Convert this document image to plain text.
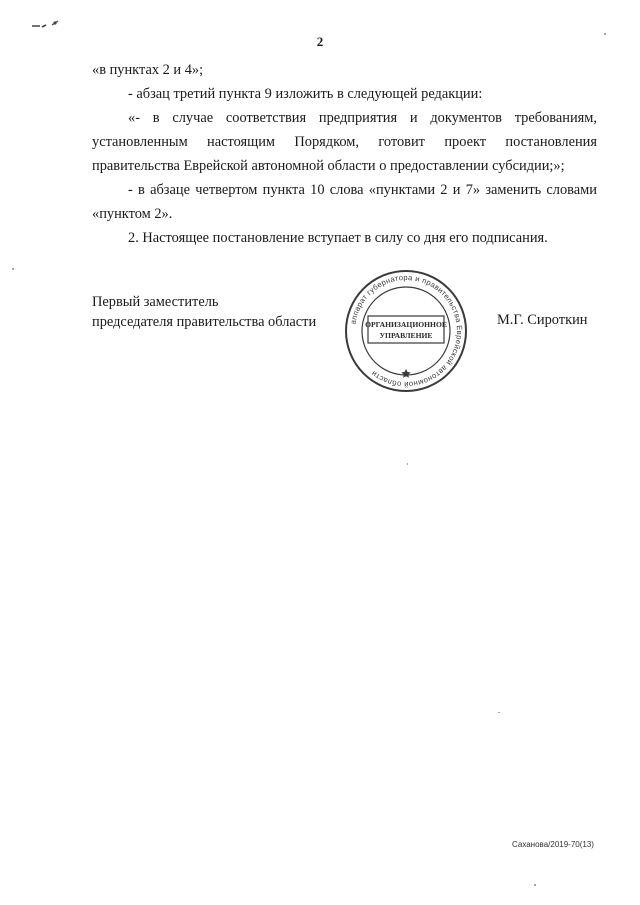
2

«в пунктах 2 и 4»;

- абзац третий пункта 9 изложить в следующей редакции:

«- в случае соответствия предприятия и документов требованиям, установленным настоящим Порядком, готовит проект постановления правительства Еврейской автономной области о предоставлении субсидии;»;

- в абзаце четвертом пункта 10 слова «пунктами 2 и 7» заменить словами «пунктом 2».

2. Настоящее постановление вступает в силу со дня его подписания.

Первый заместитель
председателя правительства области	аппарат губернатора и правительства Еврейской автономной области
ОРГАНИЗАЦИОННОЕ
УПРАВЛЕНИЕ
М.Г. Сироткин
Саханова/2019-70(13)
